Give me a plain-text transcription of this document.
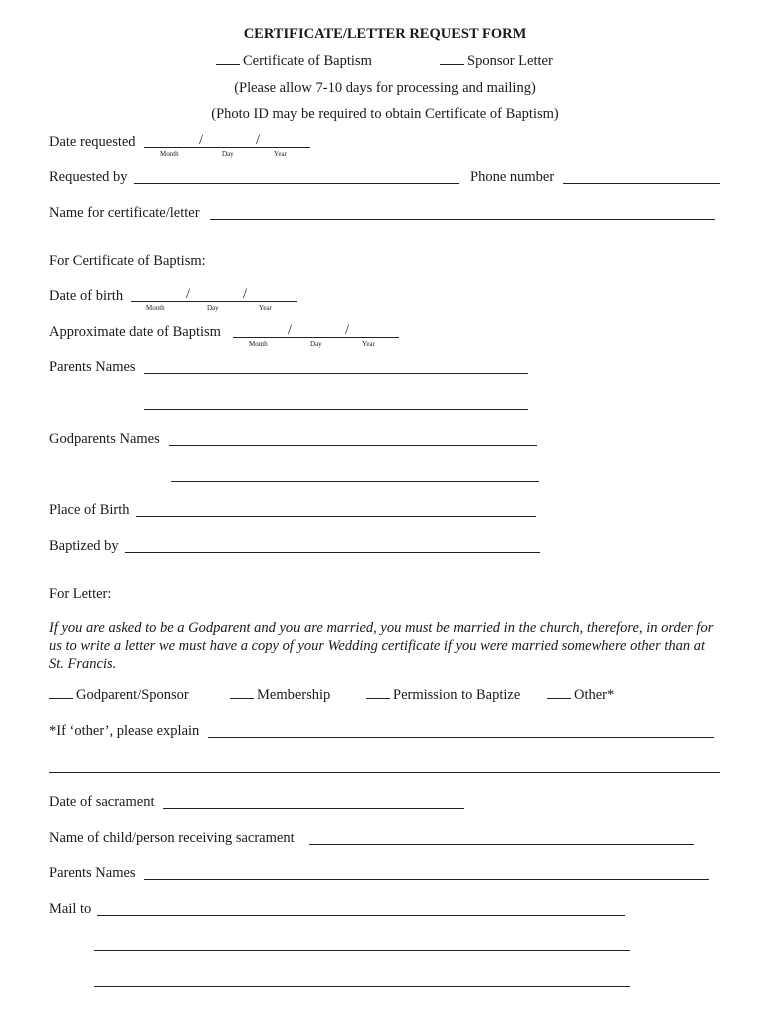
CERTIFICATE/LETTER REQUEST FORM
Certificate of Baptism	Sponsor Letter
(Please allow 7-10 days for processing and mailing)
(Photo ID may be required to obtain Certificate of Baptism)
Date requested	/	/
Month	Day	Year
Requested by	Phone number
Name for certificate/letter
For Certificate of Baptism:
Date of birth	/	/
Month	Day	Year
Approximate date of Baptism	/	/
Month	Day	Year
Parents Names
Godparents Names
Place of Birth
Baptized by
For Letter:
If you are asked to be a Godparent and you are married, you must be married in the church, therefore, in order for us to write a letter we must have a copy of your Wedding certificate if you were married somewhere other than at St. Francis.
Godparent/Sponsor	Membership	Permission to Baptize	Other*
*If ‘other’, please explain
Date of sacrament
Name of child/person receiving sacrament
Parents Names
Mail to
